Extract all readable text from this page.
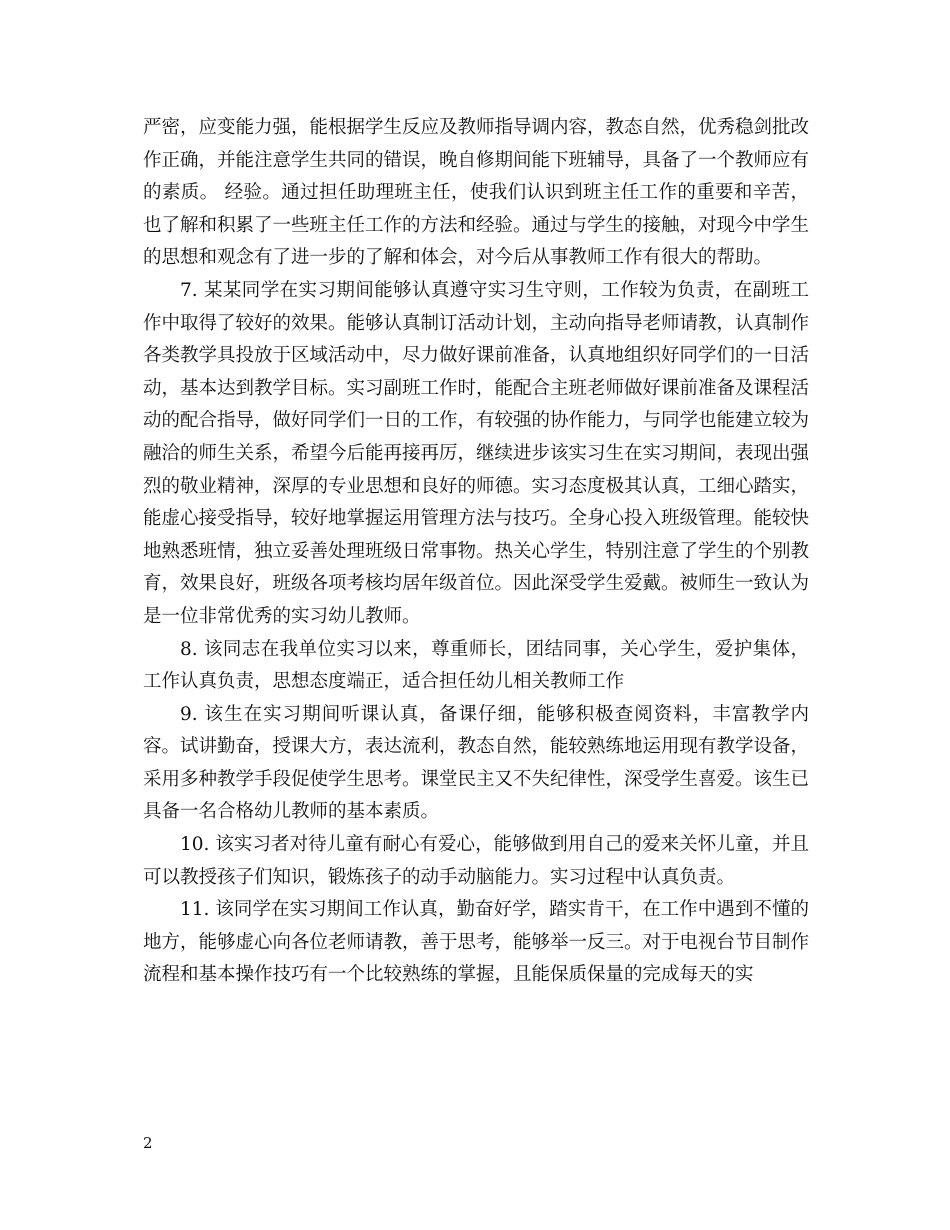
严密，应变能力强，能根据学生反应及教师指导调内容，教态自然，优秀稳剑批改作正确，并能注意学生共同的错误，晚自修期间能下班辅导，具备了一个教师应有的素质。 经验。通过担任助理班主任，使我们认识到班主任工作的重要和辛苦，也了解和积累了一些班主任工作的方法和经验。通过与学生的接触，对现今中学生的思想和观念有了进一步的了解和体会，对今后从事教师工作有很大的帮助。

7. 某某同学在实习期间能够认真遵守实习生守则，工作较为负责，在副班工作中取得了较好的效果。能够认真制订活动计划，主动向指导老师请教，认真制作各类教学具投放于区域活动中，尽力做好课前准备，认真地组织好同学们的一日活动，基本达到教学目标。实习副班工作时，能配合主班老师做好课前准备及课程活动的配合指导，做好同学们一日的工作，有较强的协作能力，与同学也能建立较为融洽的师生关系，希望今后能再接再厉，继续进步该实习生在实习期间，表现出强烈的敬业精神，深厚的专业思想和良好的师德。实习态度极其认真，工细心踏实，能虚心接受指导，较好地掌握运用管理方法与技巧。全身心投入班级管理。能较快地熟悉班情，独立妥善处理班级日常事物。热关心学生，特别注意了学生的个别教育，效果良好，班级各项考核均居年级首位。因此深受学生爱戴。被师生一致认为是一位非常优秀的实习幼儿教师。

8. 该同志在我单位实习以来，尊重师长，团结同事，关心学生，爱护集体，工作认真负责，思想态度端正，适合担任幼儿相关教师工作

9. 该生在实习期间听课认真，备课仔细，能够积极查阅资料，丰富教学内容。试讲勤奋，授课大方，表达流利，教态自然，能较熟练地运用现有教学设备，采用多种教学手段促使学生思考。课堂民主又不失纪律性，深受学生喜爱。该生已具备一名合格幼儿教师的基本素质。

10. 该实习者对待儿童有耐心有爱心，能够做到用自己的爱来关怀儿童，并且可以教授孩子们知识，锻炼孩子的动手动脑能力。实习过程中认真负责。

11. 该同学在实习期间工作认真，勤奋好学，踏实肯干，在工作中遇到不懂的地方，能够虚心向各位老师请教，善于思考，能够举一反三。对于电视台节目制作流程和基本操作技巧有一个比较熟练的掌握，且能保质保量的完成每天的实

2
